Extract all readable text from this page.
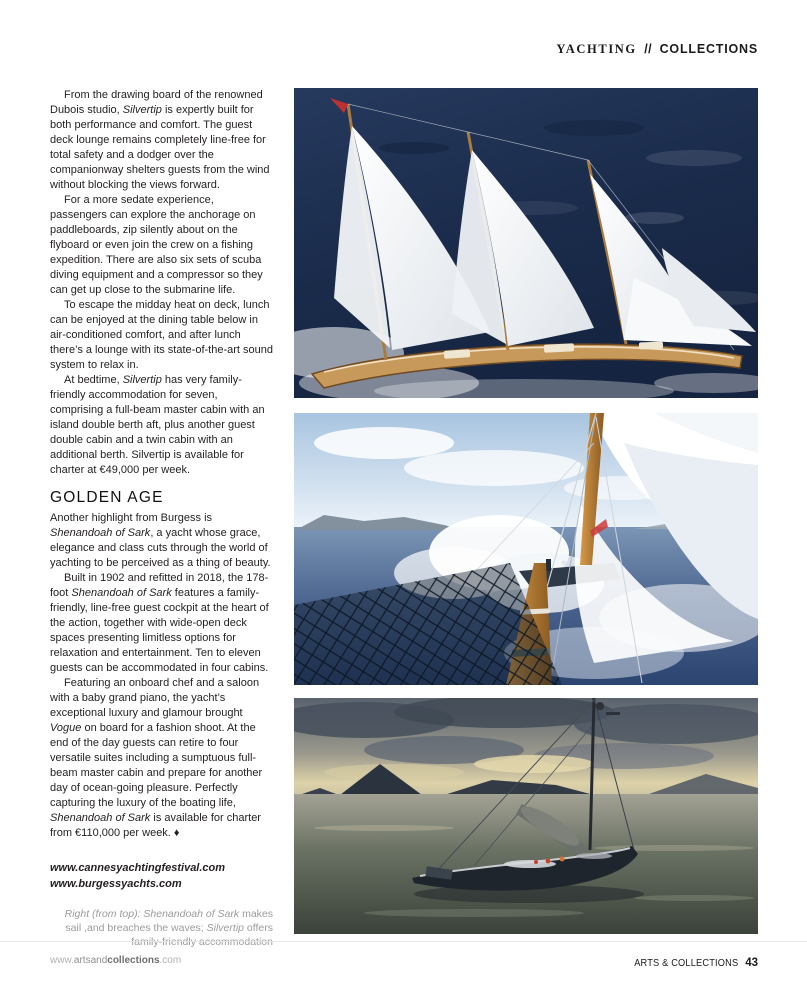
YACHTING // COLLECTIONS

From the drawing board of the renowned Dubois studio, Silvertip is expertly built for both performance and comfort. The guest deck lounge remains completely line-free for total safety and a dodger over the companionway shelters guests from the wind without blocking the views forward.

For a more sedate experience, passengers can explore the anchorage on paddleboards, zip silently about on the flyboard or even join the crew on a fishing expedition. There are also six sets of scuba diving equipment and a compressor so they can get up close to the submarine life.

To escape the midday heat on deck, lunch can be enjoyed at the dining table below in air-conditioned comfort, and after lunch there’s a lounge with its state-of-the-art sound system to relax in.

At bedtime, Silvertip has very family-friendly accommodation for seven, comprising a full-beam master cabin with an island double berth aft, plus another guest double cabin and a twin cabin with an additional berth. Silvertip is available for charter at €49,000 per week.

GOLDEN AGE

Another highlight from Burgess is Shenandoah of Sark, a yacht whose grace, elegance and class cuts through the world of yachting to be perceived as a thing of beauty.

Built in 1902 and refitted in 2018, the 178-foot Shenandoah of Sark features a family-friendly, line-free guest cockpit at the heart of the action, together with wide-open deck spaces presenting limitless options for relaxation and entertainment. Ten to eleven guests can be accommodated in four cabins.

Featuring an onboard chef and a saloon with a baby grand piano, the yacht’s exceptional luxury and glamour brought Vogue on board for a fashion shoot. At the end of the day guests can retire to four versatile suites including a sumptuous full-beam master cabin and prepare for another day of ocean-going pleasure. Perfectly capturing the luxury of the boating life, Shenandoah of Sark is available for charter from €110,000 per week. ♦

www.cannesyachtingfestival.com
www.burgessyachts.com
Right (from top): Shenandoah of Sark makes sail ,and breaches the waves; Silvertip offers family-friendly accommodation
www.artsandcollections.com	ARTS & COLLECTIONS 43
